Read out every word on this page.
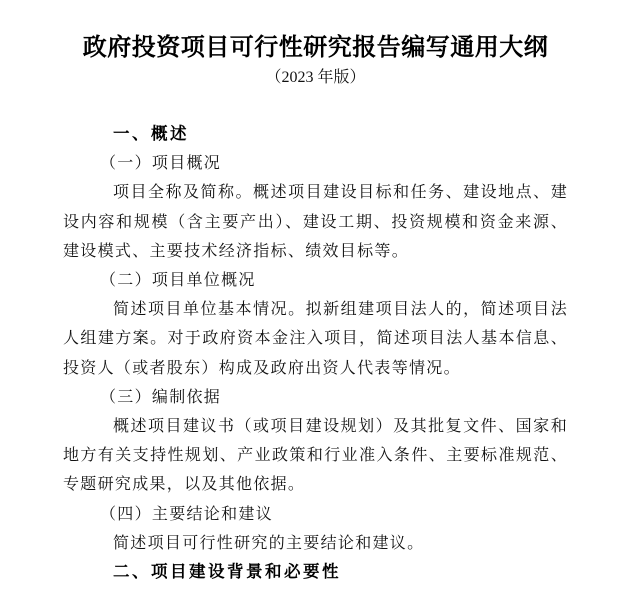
政府投资项目可行性研究报告编写通用大纲
（2023 年版）

一、概述

（一）项目概况

项目全称及简称。概述项目建设目标和任务、建设地点、建设内容和规模（含主要产出）、建设工期、投资规模和资金来源、建设模式、主要技术经济指标、绩效目标等。

（二）项目单位概况

简述项目单位基本情况。拟新组建项目法人的，简述项目法人组建方案。对于政府资本金注入项目，简述项目法人基本信息、投资人（或者股东）构成及政府出资人代表等情况。

（三）编制依据

概述项目建议书（或项目建设规划）及其批复文件、国家和地方有关支持性规划、产业政策和行业准入条件、主要标准规范、专题研究成果，以及其他依据。

（四）主要结论和建议

简述项目可行性研究的主要结论和建议。

二、项目建设背景和必要性
